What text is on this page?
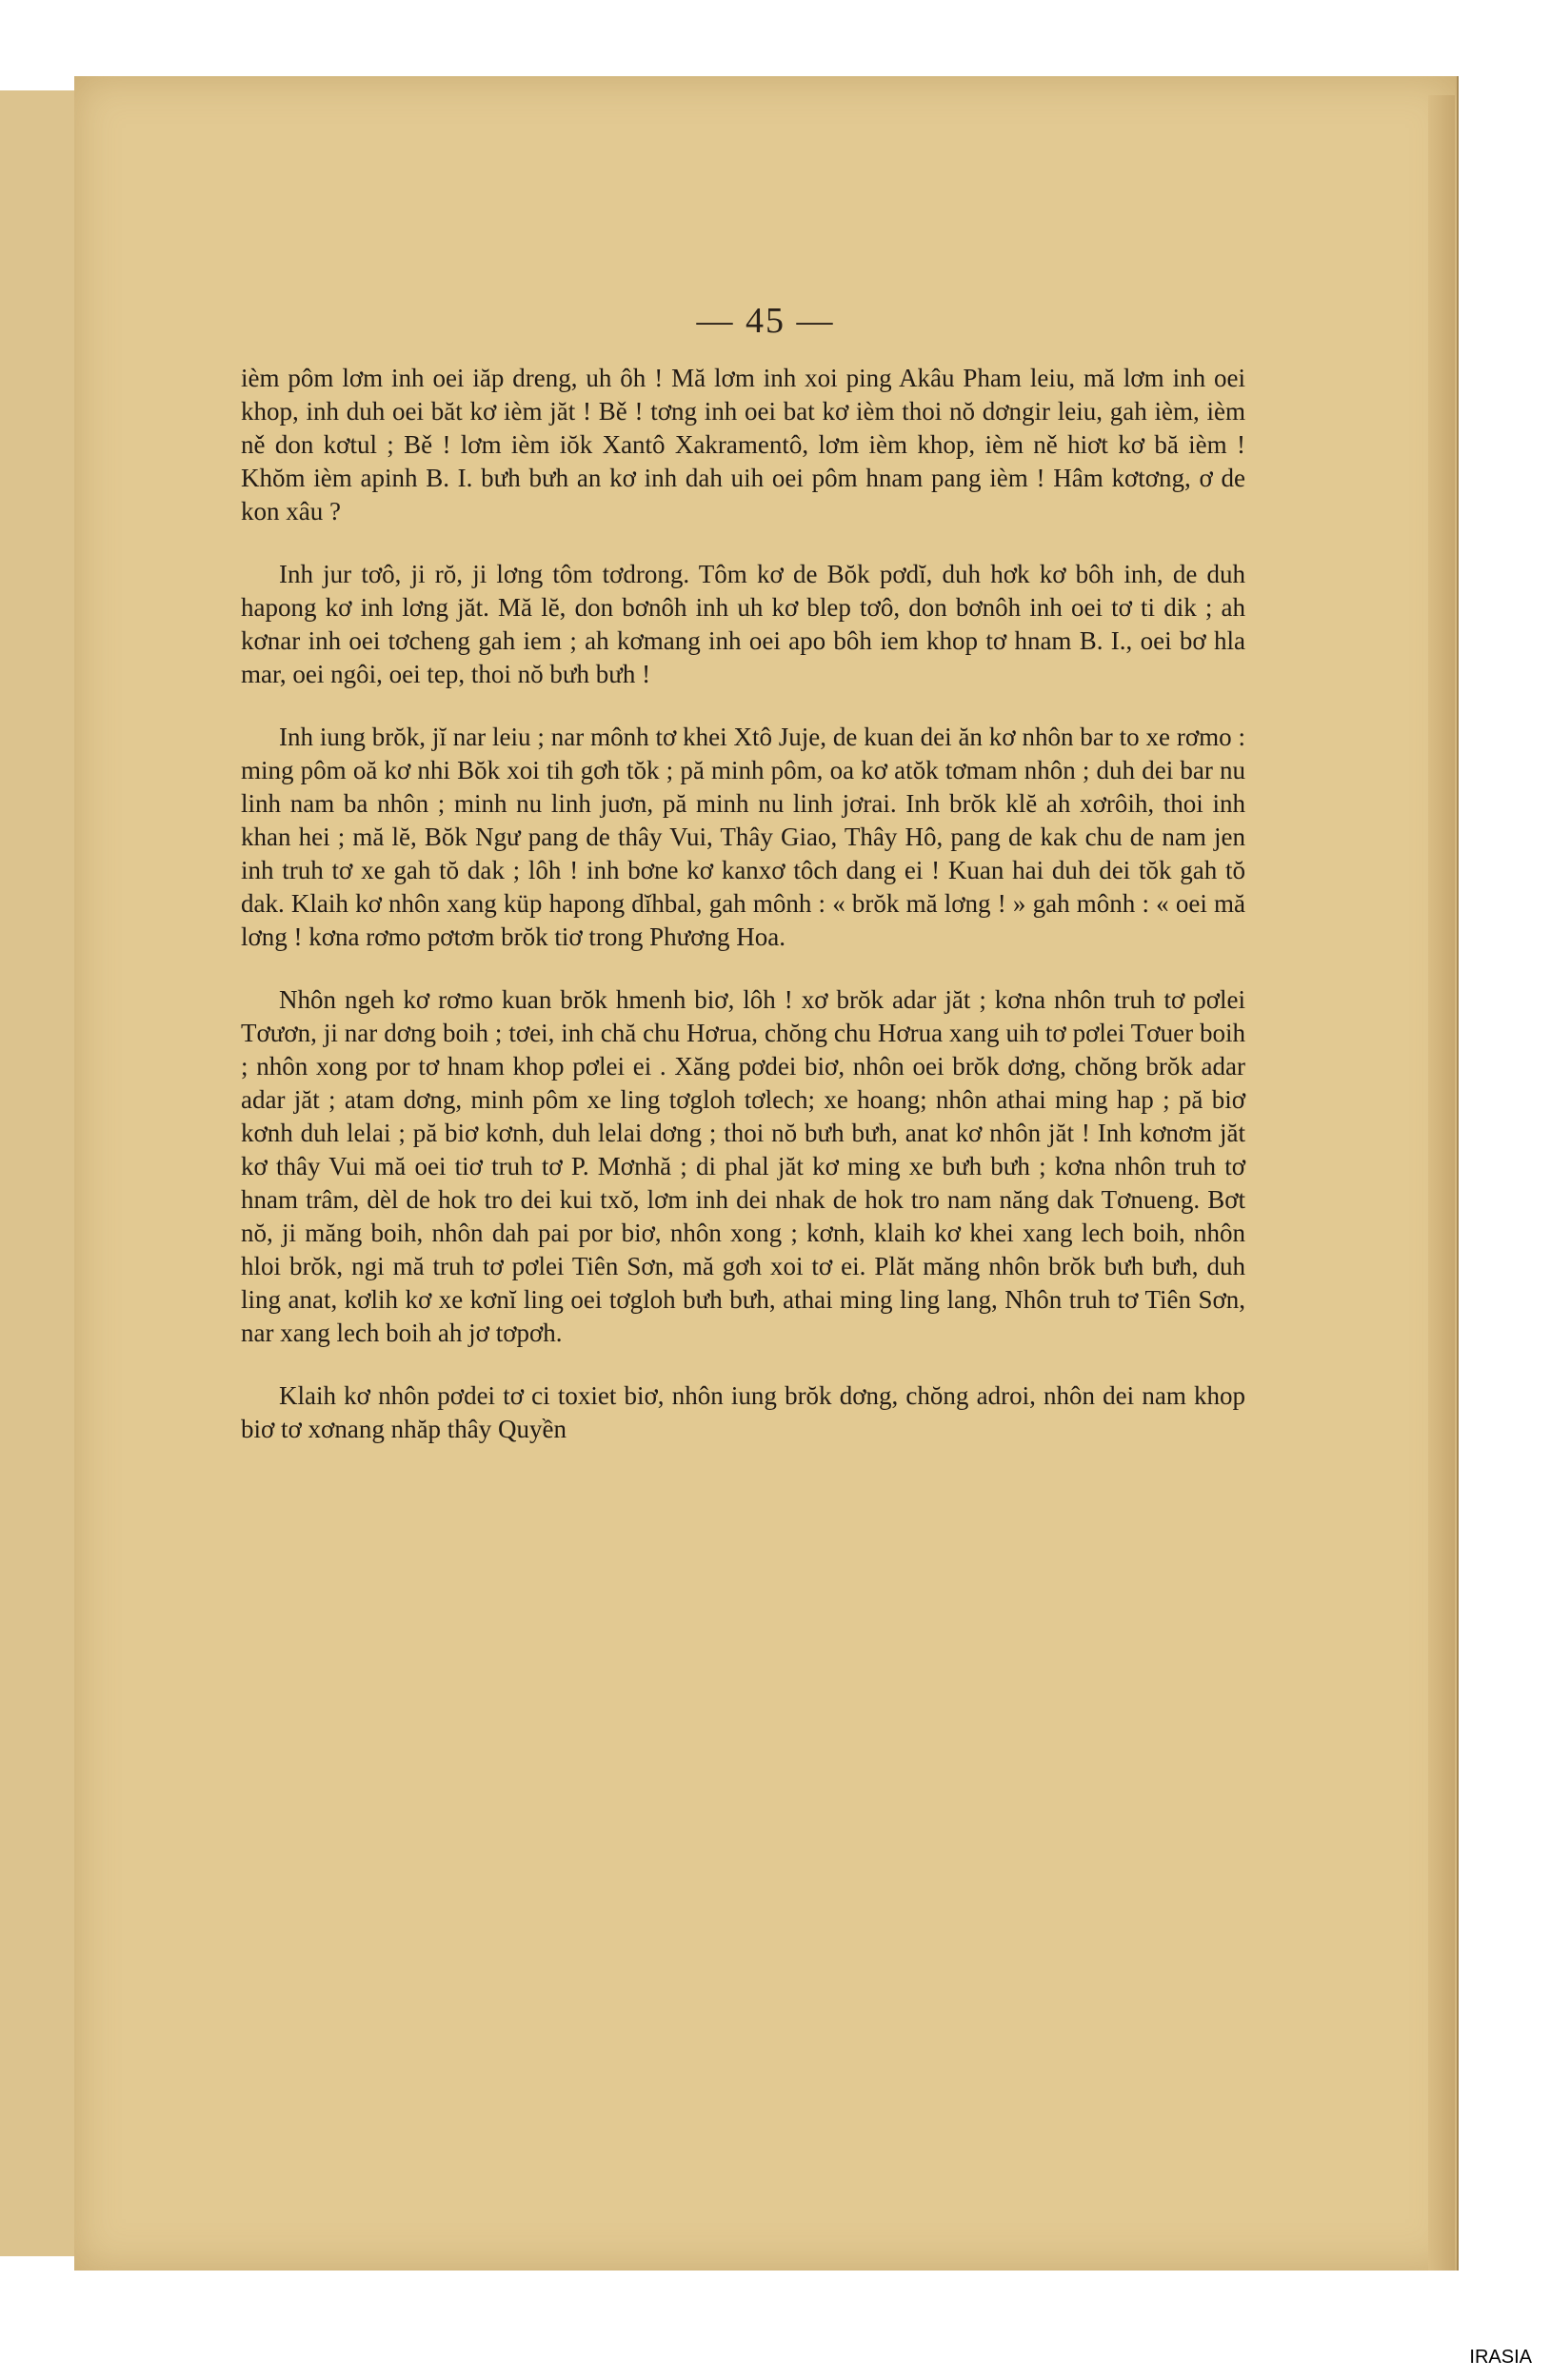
— 45 —

ièm pôm lơm inh oei iăp dreng, uh ôh ! Mă lơm inh xoi ping Akâu Pham leiu, mă lơm inh oei khop, inh duh oei băt kơ ièm jăt ! Bě ! tơng inh oei bat kơ ièm thoi nŏ dơngir leiu, gah ièm, ièm ně don kơtul ; Bě ! lơm ièm iŏk Xantô Xakramentô, lơm ièm khop, ièm ně hiơt kơ bă ièm ! Khŏm ièm apinh B. I. bưh bưh an kơ inh dah uih oei pôm hnam pang ièm ! Hâm kơtơng, ơ de kon xâu ?

Inh jur tơô, ji rŏ, ji lơng tôm tơdrong. Tôm kơ de Bŏk pơdĭ, duh hơk kơ bôh inh, de duh hapong kơ inh lơng jăt. Mă lĕ, don bơnôh inh uh kơ blep tơô, don bơnôh inh oei tơ ti dik ; ah kơnar inh oei tơcheng gah iem ; ah kơmang inh oei apo bôh iem khop tơ hnam B. I., oei bơ hla mar, oei ngôi, oei tep, thoi nŏ bưh bưh !

Inh iung brŏk, jĭ nar leiu ; nar mônh tơ khei Xtô Juje, de kuan dei ăn kơ nhôn bar to xe rơmo : ming pôm oă kơ nhi Bŏk xoi tih gơh tŏk ; pă minh pôm, oa kơ atŏk tơmam nhôn ; duh dei bar nu linh nam ba nhôn ; minh nu linh juơn, pă minh nu linh jơrai. Inh brŏk klĕ ah xơrôih, thoi inh khan hei ; mă lĕ, Bŏk Ngư pang de thây Vui, Thây Giao, Thây Hô, pang de kak chu de nam jen inh truh tơ xe gah tŏ dak ; lôh ! inh bơne kơ kanxơ tôch dang ei ! Kuan hai duh dei tŏk gah tŏ dak. Klaih kơ nhôn xang küp hapong dĭhbal, gah mônh : « brŏk mă lơng ! » gah mônh : « oei mă lơng ! kơna rơmo pơtơm brŏk tiơ trong Phương Hoa.

Nhôn ngeh kơ rơmo kuan brŏk hmenh biơ, lôh ! xơ brŏk adar jăt ; kơna nhôn truh tơ pơlei Tơươn, ji nar dơng boih ; tơei, inh chă chu Hơrua, chŏng chu Hơrua xang uih tơ pơlei Tơuer boih ; nhôn xong por tơ hnam khop pơlei ei . Xăng pơdei biơ, nhôn oei brŏk dơng, chŏng brŏk adar adar jăt ; atam dơng, minh pôm xe ling tơgloh tơlech; xe hoang; nhôn athai ming hap ; pă biơ kơnh duh lelai ; pă biơ kơnh, duh lelai dơng ; thoi nŏ bưh bưh, anat kơ nhôn jăt ! Inh kơnơm jăt kơ thây Vui mă oei tiơ truh tơ P. Mơnhă ; di phal jăt kơ ming xe bưh bưh ; kơna nhôn truh tơ hnam trâm, dèl de hok tro dei kui txŏ, lơm inh dei nhak de hok tro nam năng dak Tơnueng. Bơt nŏ, ji măng boih, nhôn dah pai por biơ, nhôn xong ; kơnh, klaih kơ khei xang lech boih, nhôn hloi brŏk, ngi mă truh tơ pơlei Tiên Sơn, mă gơh xoi tơ ei. Plăt măng nhôn brŏk bưh bưh, duh ling anat, kơlih kơ xe kơnĭ ling oei tơgloh bưh bưh, athai ming ling lang, Nhôn truh tơ Tiên Sơn, nar xang lech boih ah jơ tơpơh.

Klaih kơ nhôn pơdei tơ ci toxiet biơ, nhôn iung brŏk dơng, chŏng adroi, nhôn dei nam khop biơ tơ xơnang nhăp thây Quyền

IRASIA
